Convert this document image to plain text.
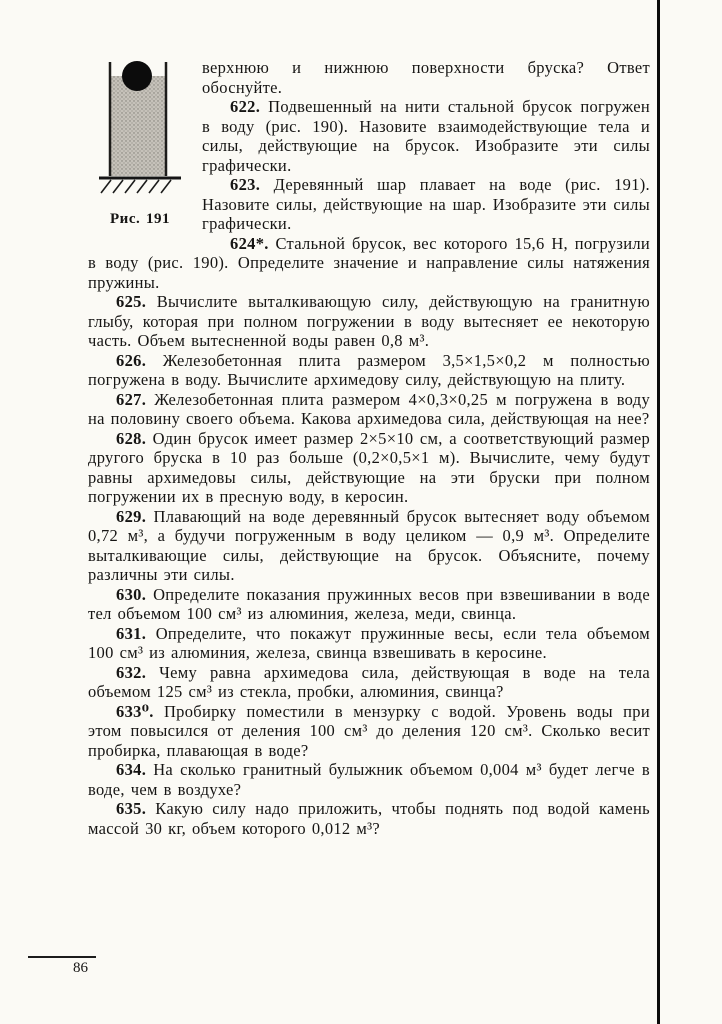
Рис. 191

верхнюю и нижнюю поверхности бруска? Ответ обоснуйте.

622. Подвешенный на нити стальной брусок погружен в воду (рис. 190). Назовите взаимодействующие тела и силы, действующие на брусок. Изобразите эти силы графически.

623. Деревянный шар плавает на воде (рис. 191). Назовите силы, действующие на шар. Изобразите эти силы графически.

624*. Стальной брусок, вес которого 15,6 Н, погрузили в воду (рис. 190). Определите значение и направление силы натяжения пружины.

625. Вычислите выталкивающую силу, действующую на гранитную глыбу, которая при полном погружении в воду вытесняет ее некоторую часть. Объем вытесненной воды равен 0,8 м³.

626. Железобетонная плита размером 3,5×1,5×0,2 м полностью погружена в воду. Вычислите архимедову силу, действующую на плиту.

627. Железобетонная плита размером 4×0,3×0,25 м погружена в воду на половину своего объема. Какова архимедова сила, действующая на нее?

628. Один брусок имеет размер 2×5×10 см, а соответствующий размер другого бруска в 10 раз больше (0,2×0,5×1 м). Вычислите, чему будут равны архимедовы силы, действующие на эти бруски при полном погружении их в пресную воду, в керосин.

629. Плавающий на воде деревянный брусок вытесняет воду объемом 0,72 м³, а будучи погруженным в воду целиком — 0,9 м³. Определите выталкивающие силы, действующие на брусок. Объясните, почему различны эти силы.

630. Определите показания пружинных весов при взвешивании в воде тел объемом 100 см³ из алюминия, железа, меди, свинца.

631. Определите, что покажут пружинные весы, если тела объемом 100 см³ из алюминия, железа, свинца взвешивать в керосине.

632. Чему равна архимедова сила, действующая в воде на тела объемом 125 см³ из стекла, пробки, алюминия, свинца?

633⁰. Пробирку поместили в мензурку с водой. Уровень воды при этом повысился от деления 100 см³ до деления 120 см³. Сколько весит пробирка, плавающая в воде?

634. На сколько гранитный булыжник объемом 0,004 м³ будет легче в воде, чем в воздухе?

635. Какую силу надо приложить, чтобы поднять под водой камень массой 30 кг, объем которого 0,012 м³?

86
